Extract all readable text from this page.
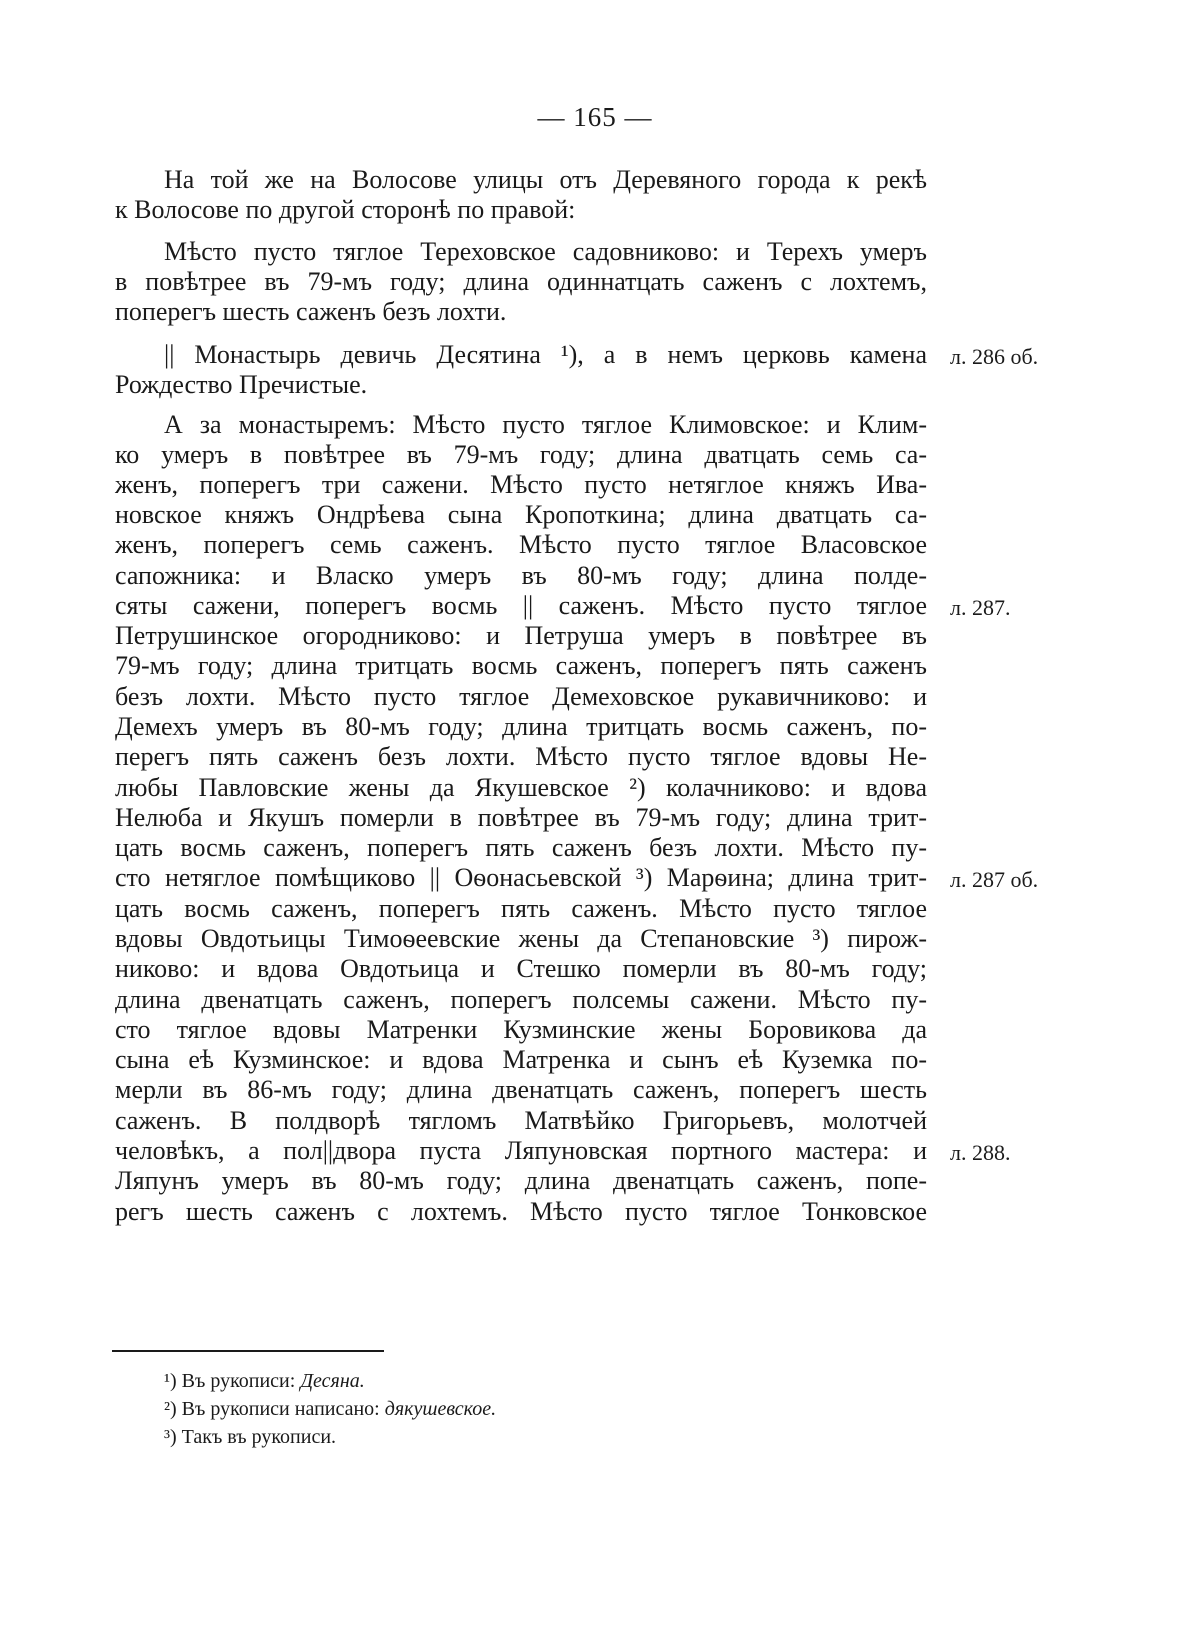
— 165 —
На той же на Волосове улицы отъ Деревяного города к рекѣ
к Волосове по другой сторонѣ по правой:
Мѣсто пусто тяглое Тереховское садовниково: и Терехъ умеръ
в повѣтрее въ 79-мъ году; длина одиннатцать саженъ с лохтемъ,
поперегъ шесть саженъ безъ лохти.
|| Монастырь девичь Десятина ¹), а в немъ церковь камена
Рождество Пречистые.
А за монастыремъ: Мѣсто пусто тяглое Климовское: и Клим-
ко умеръ в повѣтрее въ 79-мъ году; длина дватцать семь са-
женъ, поперегъ три сажени. Мѣсто пусто нетяглое княжъ Ива-
новское княжъ Ондрѣева сына Кропоткина; длина дватцать са-
женъ, поперегъ семь саженъ. Мѣсто пусто тяглое Власовское
сапожника: и Власко умеръ въ 80-мъ году; длина полде-
сяты сажени, поперегъ восмь || саженъ. Мѣсто пусто тяглое
Петрушинское огородниково: и Петруша умеръ в повѣтрее въ
79-мъ году; длина тритцать восмь саженъ, поперегъ пять саженъ
безъ лохти. Мѣсто пусто тяглое Демеховское рукавичниково: и
Демехъ умеръ въ 80-мъ году; длина тритцать восмь саженъ, по-
перегъ пять саженъ безъ лохти. Мѣсто пусто тяглое вдовы Не-
любы Павловские жены да Якушевское ²) колачниково: и вдова
Нелюба и Якушъ померли в повѣтрее въ 79-мъ году; длина трит-
цать восмь саженъ, поперегъ пять саженъ безъ лохти. Мѣсто пу-
сто нетяглое помѣщиково || Оѳонасьевской ³) Марѳина; длина трит-
цать восмь саженъ, поперегъ пять саженъ. Мѣсто пусто тяглое
вдовы Овдотьицы Тимоѳеевские жены да Степановские ³) пирож-
никово: и вдова Овдотьица и Стешко померли въ 80-мъ году;
длина двенатцать саженъ, поперегъ полсемы сажени. Мѣсто пу-
сто тяглое вдовы Матренки Кузминские жены Боровикова да
сына еѣ Кузминское: и вдова Матренка и сынъ еѣ Куземка по-
мерли въ 86-мъ году; длина двенатцать саженъ, поперегъ шесть
саженъ. В полдворѣ тягломъ Матвѣйко Григорьевъ, молотчей
человѣкъ, а пол||двора пуста Ляпуновская портного мастера: и
Ляпунъ умеръ въ 80-мъ году; длина двенатцать саженъ, попе-
регъ шесть саженъ с лохтемъ. Мѣсто пусто тяглое Тонковское
л. 286 об.
л. 287.
л. 287 об.
л. 288.
¹) Въ рукописи: Десяна.
²) Въ рукописи написано: дякушевское.
³) Такъ въ рукописи.
